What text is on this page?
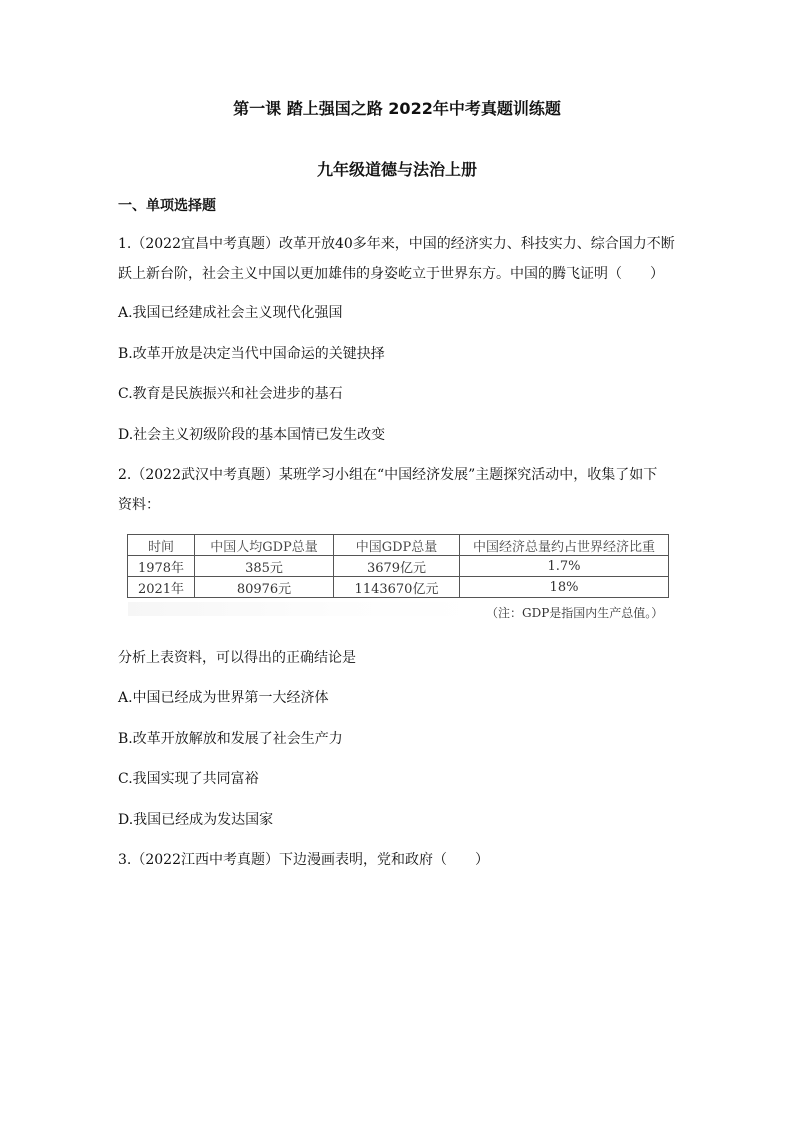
第一课 踏上强国之路 2022年中考真题训练题
九年级道德与法治上册
一、单项选择题
1.（2022宜昌中考真题）改革开放40多年来，中国的经济实力、科技实力、综合国力不断
跃上新台阶，社会主义中国以更加雄伟的身姿屹立于世界东方。中国的腾飞证明（　　）
A.我国已经建成社会主义现代化强国
B.改革开放是决定当代中国命运的关键抉择
C.教育是民族振兴和社会进步的基石
D.社会主义初级阶段的基本国情已发生改变
2.（2022武汉中考真题）某班学习小组在“中国经济发展”主题探究活动中，收集了如下
资料：
时间	中国人均GDP总量	中国GDP总量	中国经济总量约占世界经济比重
1978年	385元	3679亿元	1.7%
2021年	80976元	1143670亿元	18%
（注：GDP是指国内生产总值。）
分析上表资料，可以得出的正确结论是
A.中国已经成为世界第一大经济体
B.改革开放解放和发展了社会生产力
C.我国实现了共同富裕
D.我国已经成为发达国家
3.（2022江西中考真题）下边漫画表明，党和政府（　　）
